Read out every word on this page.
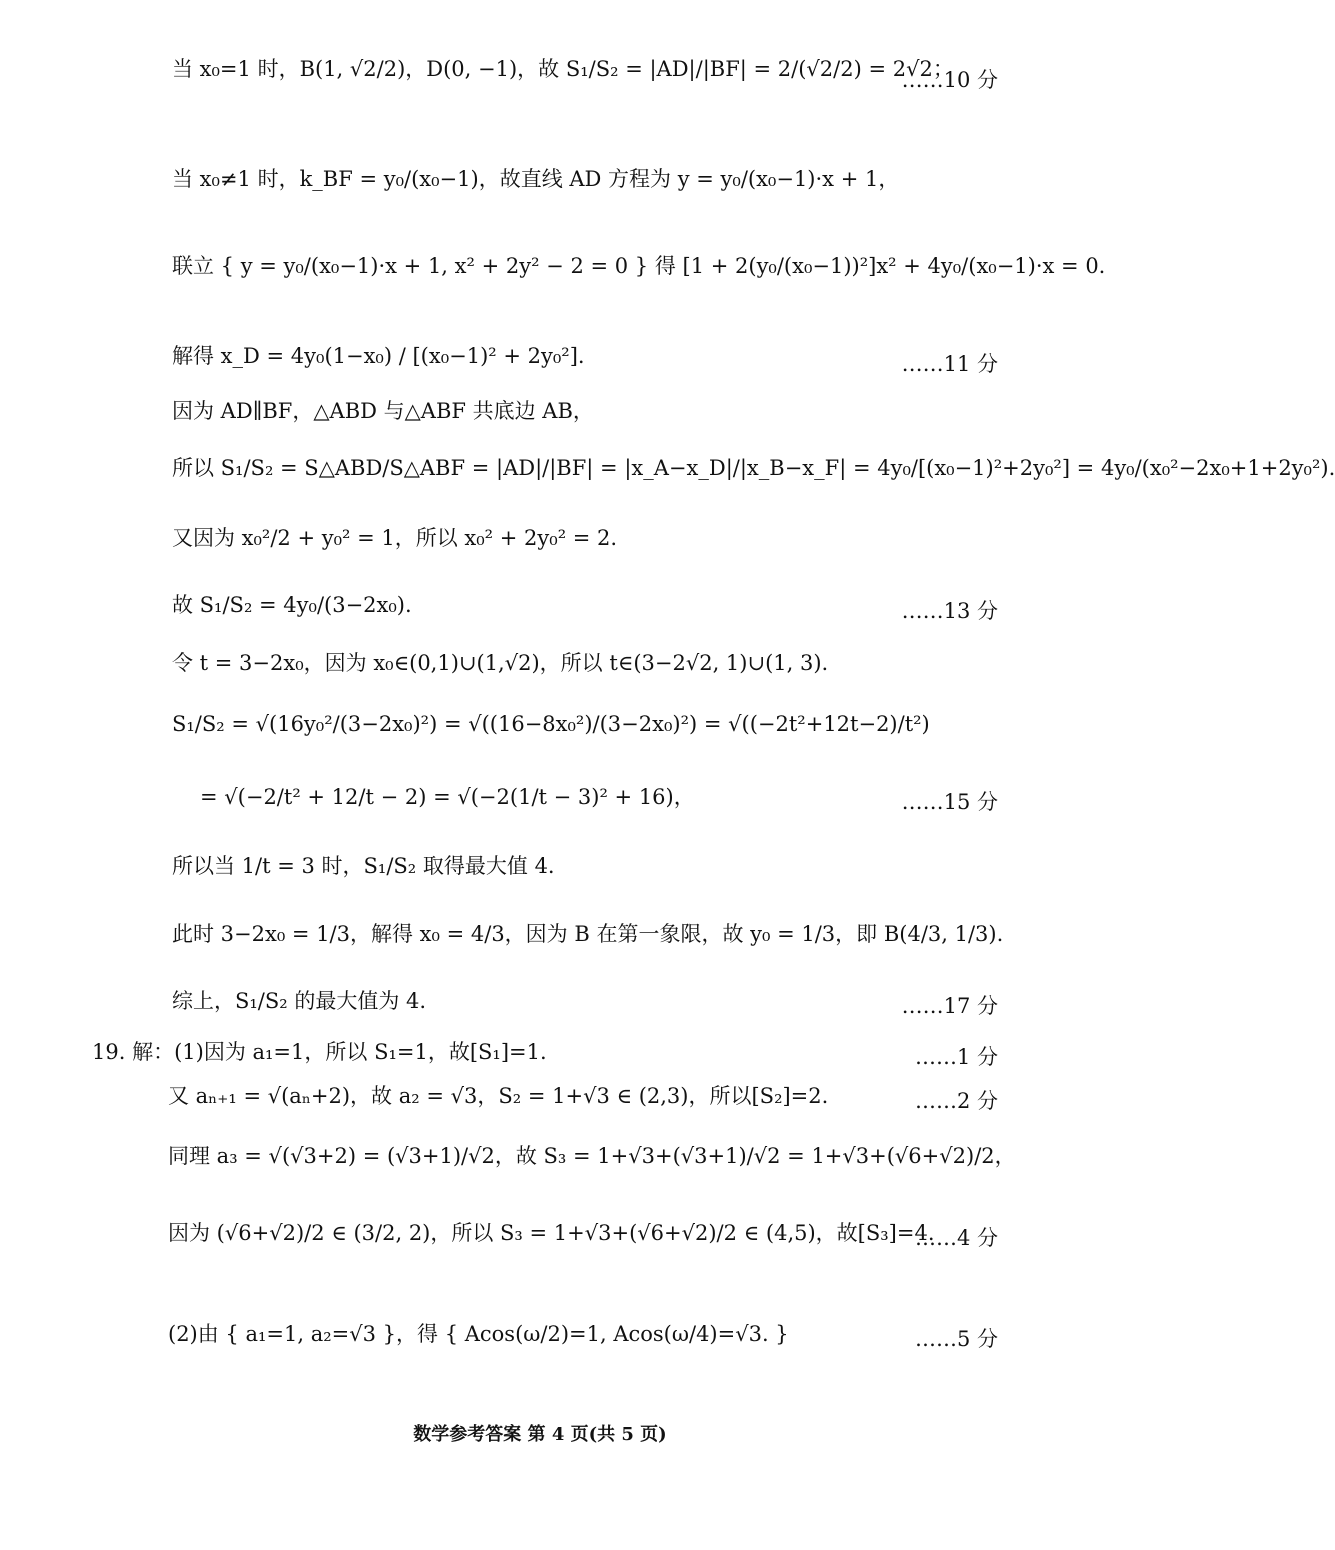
当 x₀=1 时，B(1, √2/2)，D(0, −1)，故 S₁/S₂ = |AD|/|BF| = 2/(√2/2) = 2√2；
……10 分
当 x₀≠1 时，k_BF = y₀/(x₀−1)，故直线 AD 方程为 y = y₀/(x₀−1)·x + 1，
联立 { y = y₀/(x₀−1)·x + 1, x² + 2y² − 2 = 0 } 得 [1 + 2(y₀/(x₀−1))²]x² + 4y₀/(x₀−1)·x = 0.
解得 x_D = 4y₀(1−x₀) / [(x₀−1)² + 2y₀²].	……11 分
因为 AD∥BF，△ABD 与△ABF 共底边 AB，
所以 S₁/S₂ = S△ABD/S△ABF = |AD|/|BF| = |x_A−x_D|/|x_B−x_F| = 4y₀/[(x₀−1)²+2y₀²] = 4y₀/(x₀²−2x₀+1+2y₀²).
又因为 x₀²/2 + y₀² = 1，所以 x₀² + 2y₀² = 2.
故 S₁/S₂ = 4y₀/(3−2x₀).	……13 分
令 t = 3−2x₀，因为 x₀∈(0,1)∪(1,√2)，所以 t∈(3−2√2, 1)∪(1, 3).
S₁/S₂ = √(16y₀²/(3−2x₀)²) = √((16−8x₀²)/(3−2x₀)²) = √((−2t²+12t−2)/t²)
= √(−2/t² + 12/t − 2) = √(−2(1/t − 3)² + 16)，	……15 分
所以当 1/t = 3 时，S₁/S₂ 取得最大值 4.
此时 3−2x₀ = 1/3，解得 x₀ = 4/3，因为 B 在第一象限，故 y₀ = 1/3，即 B(4/3, 1/3).
综上，S₁/S₂ 的最大值为 4.	……17 分
19. 解：(1)因为 a₁=1，所以 S₁=1，故[S₁]=1.	……1 分
又 aₙ₊₁ = √(aₙ+2)，故 a₂ = √3，S₂ = 1+√3 ∈ (2,3)，所以[S₂]=2.	……2 分
同理 a₃ = √(√3+2) = (√3+1)/√2，故 S₃ = 1+√3+(√3+1)/√2 = 1+√3+(√6+√2)/2，
因为 (√6+√2)/2 ∈ (3/2, 2)，所以 S₃ = 1+√3+(√6+√2)/2 ∈ (4,5)，故[S₃]=4.
……4 分
(2)由 { a₁=1, a₂=√3 }，得 { Acos(ω/2)=1, Acos(ω/4)=√3. }	……5 分
数学参考答案 第 4 页(共 5 页)
